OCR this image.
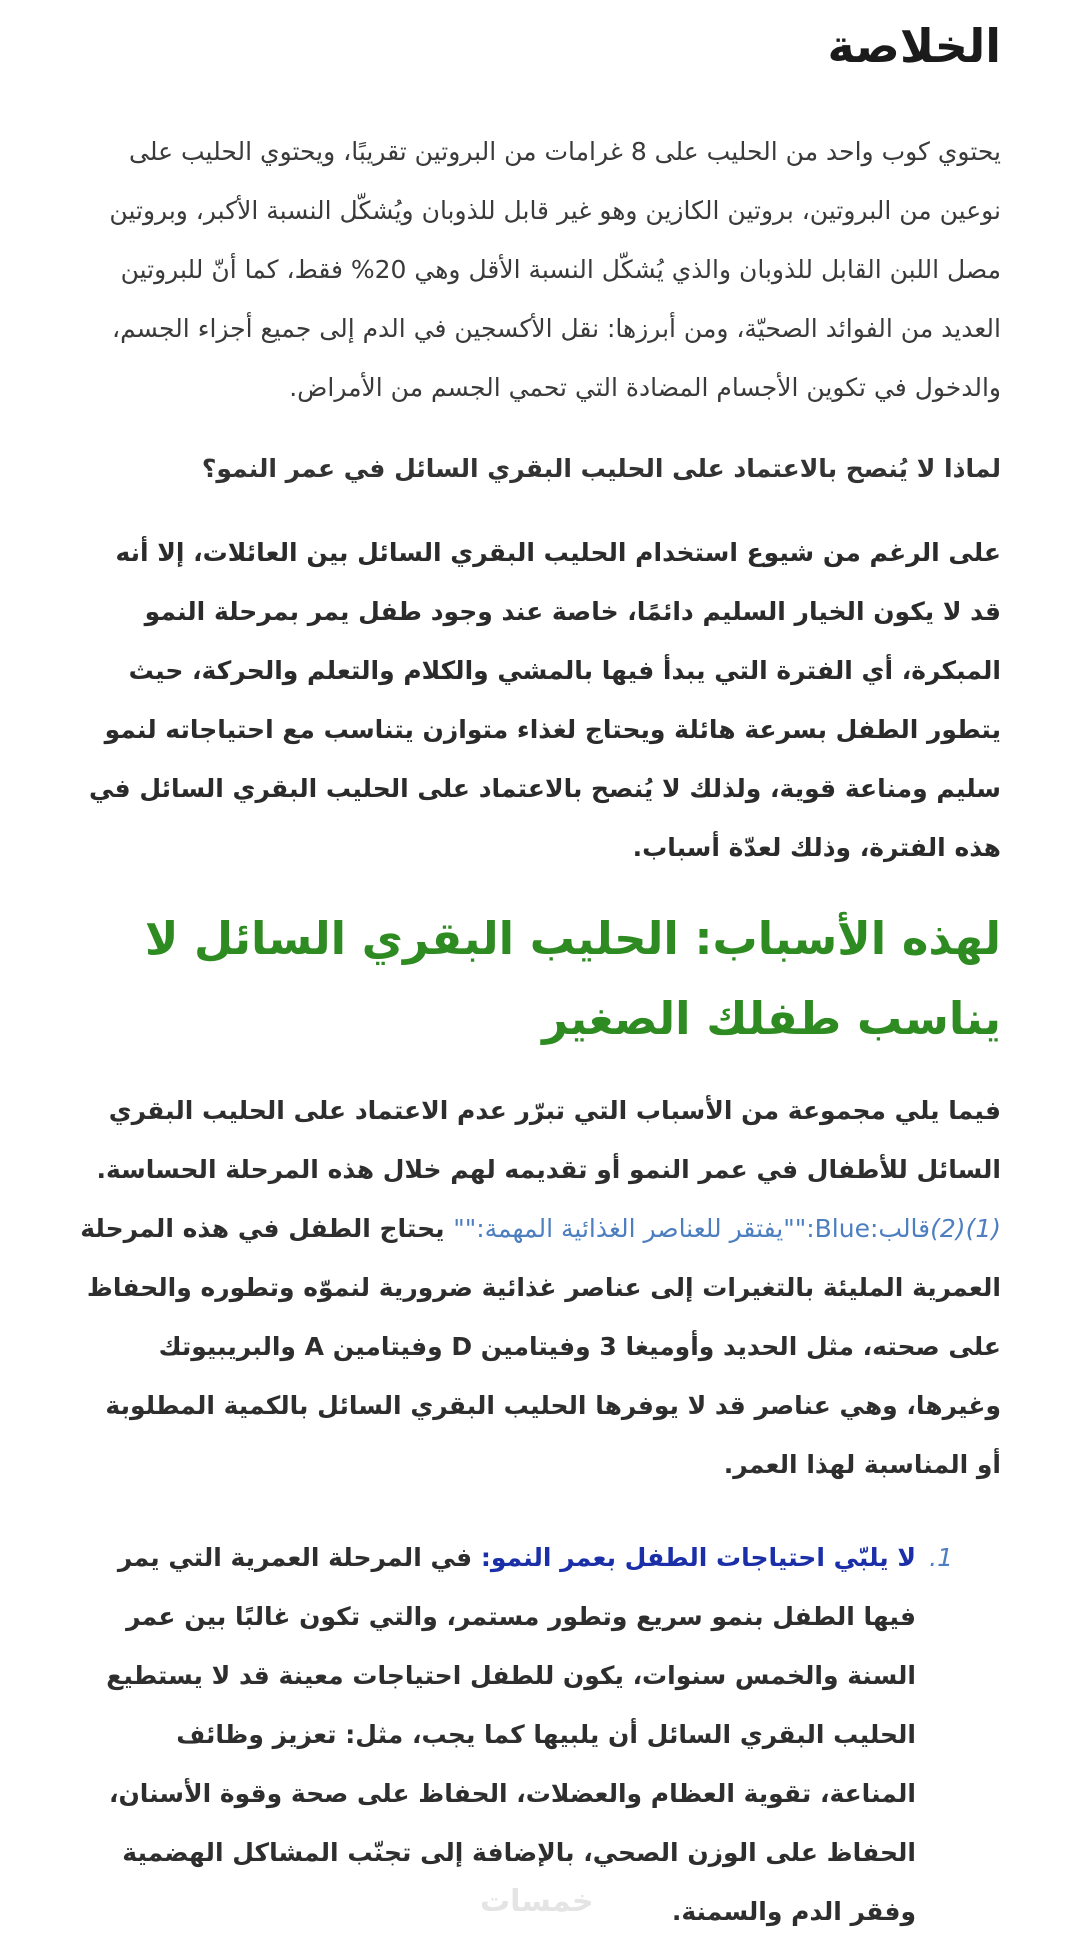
الخلاصة

يحتوي كوب واحد من الحليب على 8 غرامات من البروتين تقريبًا، ويحتوي الحليب على نوعين من البروتين، بروتين الكازين وهو غير قابل للذوبان ويُشكّل النسبة الأكبر، وبروتين مصل اللبن القابل للذوبان والذي يُشكّل النسبة الأقل وهي 20% فقط، كما أنّ للبروتين العديد من الفوائد الصحيّة، ومن أبرزها: نقل الأكسجين في الدم إلى جميع أجزاء الجسم، والدخول في تكوين الأجسام المضادة التي تحمي الجسم من الأمراض.

لماذا لا يُنصح بالاعتماد على الحليب البقري السائل في عمر النمو؟

على الرغم من شيوع استخدام الحليب البقري السائل بين العائلات، إلا أنه قد لا يكون الخيار السليم دائمًا، خاصة عند وجود طفل يمر بمرحلة النمو المبكرة، أي الفترة التي يبدأ فيها بالمشي والكلام والتعلم والحركة، حيث يتطور الطفل بسرعة هائلة ويحتاج لغذاء متوازن يتناسب مع احتياجاته لنمو سليم ومناعة قوية، ولذلك لا يُنصح بالاعتماد على الحليب البقري السائل في هذه الفترة، وذلك لعدّة أسباب.

لهذه الأسباب: الحليب البقري السائل لا يناسب طفلك الصغير

فيما يلي مجموعة من الأسباب التي تبرّر عدم الاعتماد على الحليب البقري السائل للأطفال في عمر النمو أو تقديمه لهم خلال هذه المرحلة الحساسة.(1)(2)قالب:Blue:""يفتقر للعناصر الغذائية المهمة:"" يحتاج الطفل في هذه المرحلة العمرية المليئة بالتغيرات إلى عناصر غذائية ضرورية لنموّه وتطوره والحفاظ على صحته، مثل الحديد وأوميغا 3 وفيتامين D وفيتامين A والبريبيوتك وغيرها، وهي عناصر قد لا يوفرها الحليب البقري السائل بالكمية المطلوبة أو المناسبة لهذا العمر.

1.
لا يلبّي احتياجات الطفل بعمر النمو: في المرحلة العمرية التي يمر فيها الطفل بنمو سريع وتطور مستمر، والتي تكون غالبًا بين عمر السنة والخمس سنوات، يكون للطفل احتياجات معينة قد لا يستطيع الحليب البقري السائل أن يلبيها كما يجب، مثل: تعزيز وظائف المناعة، تقوية العظام والعضلات، الحفاظ على صحة وقوة الأسنان، الحفاظ على الوزن الصحي، بالإضافة إلى تجنّب المشاكل الهضمية وفقر الدم والسمنة.
خمسات
